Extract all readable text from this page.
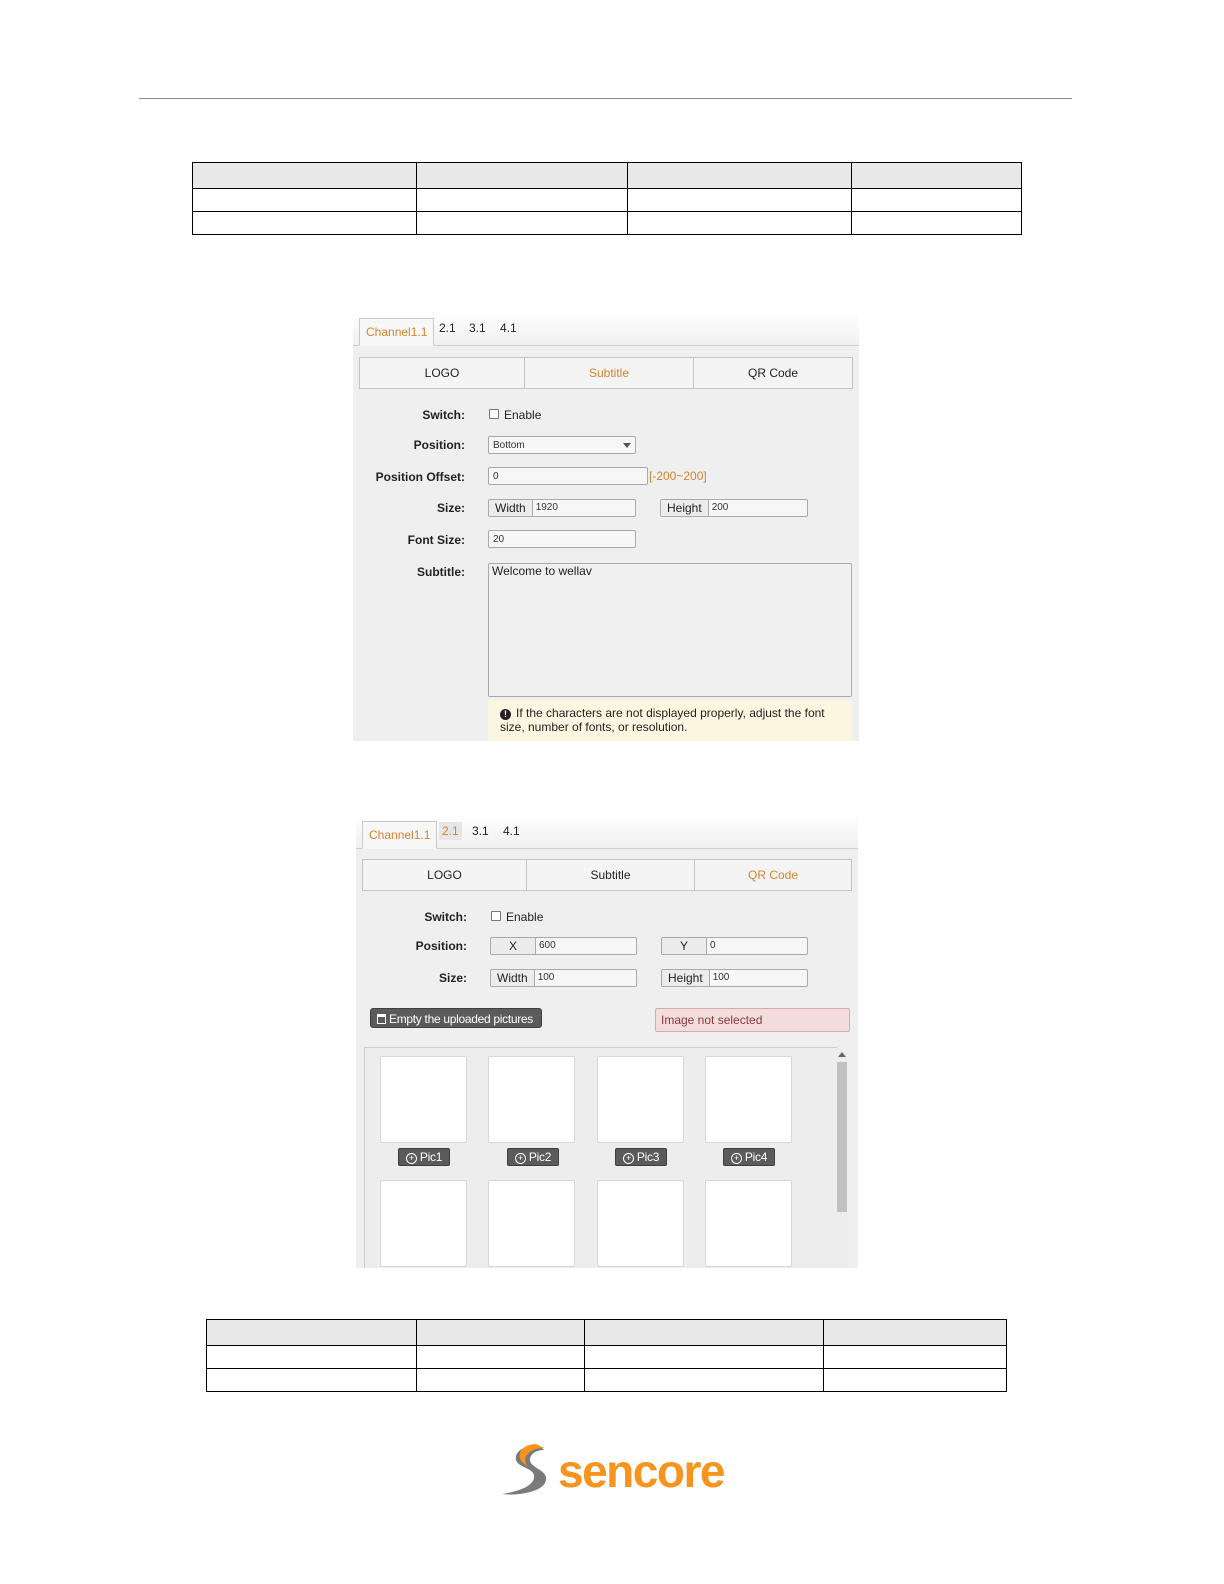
Channel1.1 2.1 3.1 4.1
LOGO	Subtitle	QR Code
Switch:	Enable
Position:	Bottom
Position Offset:	0	[-200~200]
Size:	Width	1920	Height	200
Font Size:	20
Subtitle:	Welcome to wellav
! If the characters are not displayed properly, adjust the font size, number of fonts, or resolution.
Channel1.1 2.1 3.1 4.1
LOGO	Subtitle	QR Code
Switch:	Enable
Position:	X	600	Y	0
Size:	Width	100	Height	100
Empty the uploaded pictures	Image not selected
+ Pic1	+ Pic2	+ Pic3	+ Pic4

sencore
